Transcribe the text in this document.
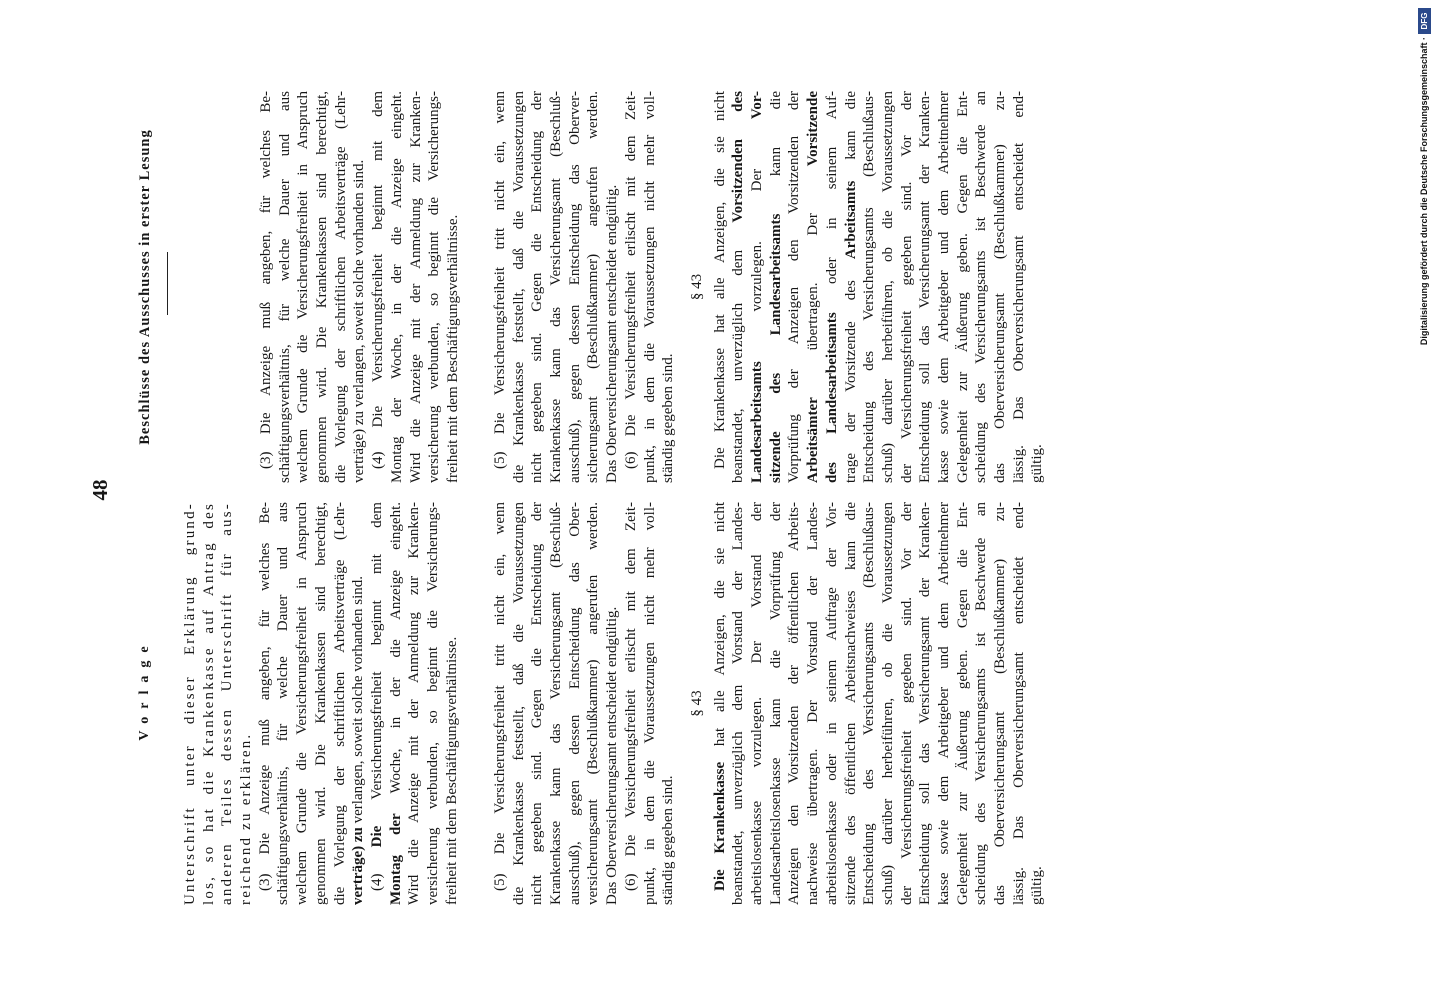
48
Vorlage Unterschrift unter dieser Erklärung grund- los, so hat die Krankenkasse auf Antrag des anderen Teiles dessen Unterschrift für aus- reichend zu erklären. (3) Die Anzeige muß angeben, für welches Be- schäftigungsverhältnis, für welche Dauer und aus welchem Grunde die Versicherungsfreiheit in Anspruch genommen wird. Die Krankenkassen sind berechtigt, die Vorlegung der schriftlichen Arbeitsverträge (Lehr- verträge) zu verlangen, soweit solche vorhanden sind.
(4) Die Versicherungsfreiheit beginnt mit dem
Montag der Woche, in der die Anzeige eingeht. Wird die Anzeige mit der Anmeldung zur Kranken- versicherung verbunden, so beginnt die Versicherungs- freiheit mit dem Beschäftigungsverhältnisse. (5) Die Versicherungsfreiheit tritt nicht ein, wenn die Krankenkasse feststellt, daß die Voraussetzungen nicht gegeben sind. Gegen die Entscheidung der Krankenkasse kann das Versicherungsamt (Beschluß- ausschuß), gegen dessen Entscheidung das Ober- versicherungsamt (Beschlußkammer) angerufen werden. Das Oberversicherungsamt entscheidet endgültig. (6) Die Versicherungsfreiheit erlischt mit dem Zeit- punkt, in dem die Voraussetzungen nicht mehr voll- ständig gegeben sind.
§ 43
Die Krankenkasse hat alle Anzeigen, die sie nicht beanstandet, unverzüglich dem Vorstand der Landes- arbeitslosenkasse vorzulegen. Der Vorstand der Landesarbeitslosenkasse kann die Vorprüfung der Anzeigen den Vorsitzenden der öffentlichen Arbeits- nachweise übertragen. Der Vorstand der Landes- arbeitslosenkasse oder in seinem Auftrage der Vor- sitzende des öffentlichen Arbeitsnachweises kann die Entscheidung des Versicherungsamts (Beschlußaus- schuß) darüber herbeiführen, ob die Voraussetzungen der Versicherungsfreiheit gegeben sind. Vor der Entscheidung soll das Versicherungsamt der Kranken- kasse sowie dem Arbeitgeber und dem Arbeitnehmer Gelegenheit zur Äußerung geben. Gegen die Ent- scheidung des Versicherungsamts ist Beschwerde an das Oberversicherungsamt (Beschlußkammer) zu- lässig. Das Oberversicherungsamt entscheidet end- gültig.
Beschlüsse des Ausschusses in erster Lesung	(3) Die Anzeige muß angeben, für welches Be- schäftigungsverhältnis, für welche Dauer und aus welchem Grunde die Versicherungsfreiheit in Anspruch genommen wird. Die Krankenkassen sind berechtigt, die Vorlegung der schriftlichen Arbeitsverträge (Lehr- verträge) zu verlangen, soweit solche vorhanden sind. (4) Die Versicherungsfreiheit beginnt mit dem Montag der Woche, in der die Anzeige eingeht. Wird die Anzeige mit der Anmeldung zur Kranken- versicherung verbunden, so beginnt die Versicherungs- freiheit mit dem Beschäftigungsverhältnisse. (5) Die Versicherungsfreiheit tritt nicht ein, wenn die Krankenkasse feststellt, daß die Voraussetzungen nicht gegeben sind. Gegen die Entscheidung der Krankenkasse kann das Versicherungsamt (Beschluß- ausschuß), gegen dessen Entscheidung das Oberver- sicherungsamt (Beschlußkammer) angerufen werden. Das Oberversicherungsamt entscheidet endgültig. (6) Die Versicherungsfreiheit erlischt mit dem Zeit- punkt, in dem die Voraussetzungen nicht mehr voll- ständig gegeben sind.
§ 43 Die Krankenkasse hat alle Anzeigen, die sie nicht beanstandet, unverzüglich dem Vorsitzenden des
Landesarbeitsamts vorzulegen. Der Vor-
sitzende des Landesarbeitsamts kann die Vorprüfung der Anzeigen den Vorsitzenden der Arbeitsämter übertragen. Der Vorsitzende
des Landesarbeitsamts oder in seinem Auf-
trage der Vorsitzende des Arbeitsamts kann die Entscheidung des Versicherungsamts (Beschlußaus- schuß) darüber herbeiführen, ob die Voraussetzungen der Versicherungsfreiheit gegeben sind. Vor der Entscheidung soll das Versicherungsamt der Kranken- kasse sowie dem Arbeitgeber und dem Arbeitnehmer Gelegenheit zur Äußerung geben. Gegen die Ent- scheidung des Versicherungsamts ist Beschwerde an das Oberversicherungsamt (Beschlußkammer) zu- lässig. Das Oberversicherungsamt entscheidet end- gültig.
Digitalisierung gefördert durch die Deutsche Forschungsgemeinschaft ·
DFG
